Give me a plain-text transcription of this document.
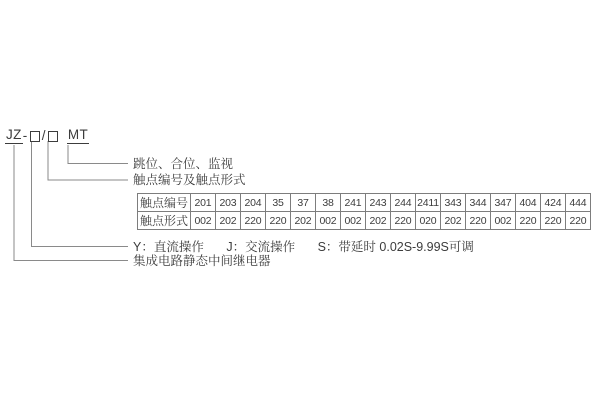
JZ - / MT
跳位、合位、监视
触点编号及触点形式
触点编号	201	203	204	35	37	38	241	243	244	2411	343	344	347	404	424	444
触点形式	002	202	220	220	202	002	002	202	220	020	202	220	002	220	220	220
Y：直流操作 J：交流操作 S：带延时 0.02S-9.99S可调
集成电路静态中间继电器
